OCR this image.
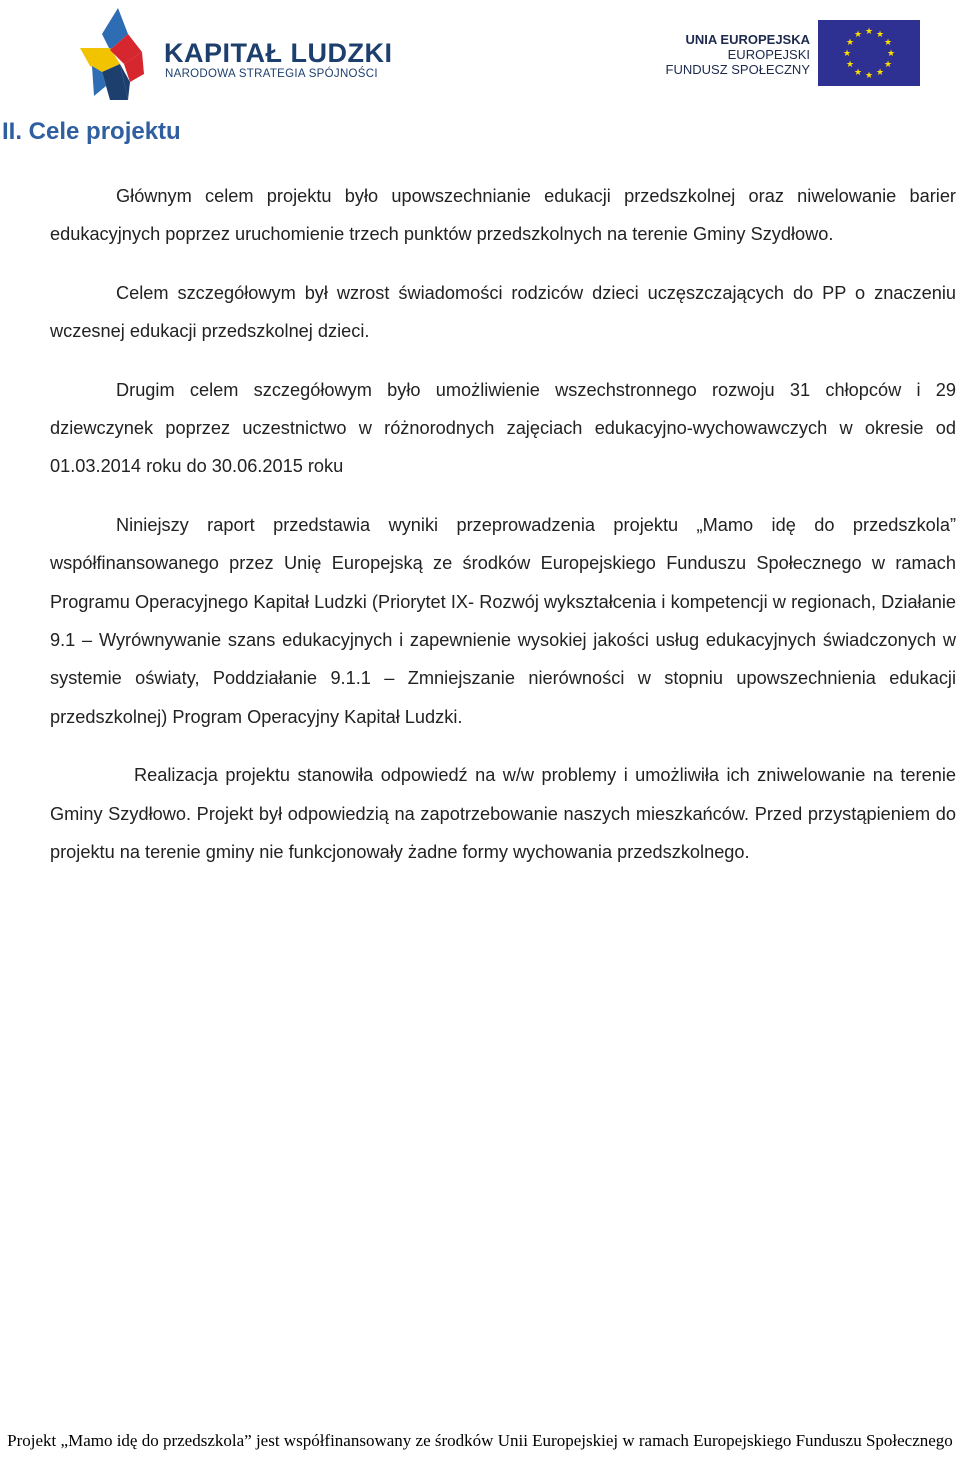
KAPITAŁ LUDZKI
NARODOWA STRATEGIA SPÓJNOŚCI
UNIA EUROPEJSKA
EUROPEJSKI
FUNDUSZ SPOŁECZNY
★ ★
★
★
★
★
★
★
★
★
★
★
II. Cele projektu

Głównym celem projektu było upowszechnianie edukacji przedszkolnej oraz niwelowanie barier edukacyjnych poprzez uruchomienie trzech punktów przedszkolnych na terenie Gminy Szydłowo.

Celem szczegółowym był wzrost świadomości rodziców dzieci uczęszczających do PP o znaczeniu wczesnej edukacji przedszkolnej dzieci.

Drugim celem szczegółowym było umożliwienie wszechstronnego rozwoju 31 chłopców i 29 dziewczynek poprzez uczestnictwo w różnorodnych zajęciach edukacyjno-wychowawczych w okresie od 01.03.2014 roku do 30.06.2015 roku

Niniejszy raport przedstawia wyniki przeprowadzenia projektu „Mamo idę do przedszkola” współfinansowanego przez Unię Europejską ze środków Europejskiego Funduszu Społecznego w ramach Programu Operacyjnego Kapitał Ludzki (Priorytet IX- Rozwój wykształcenia i kompetencji w regionach, Działanie 9.1 – Wyrównywanie szans edukacyjnych i zapewnienie wysokiej jakości usług edukacyjnych świadczonych w systemie oświaty, Poddziałanie 9.1.1 – Zmniejszanie nierówności w stopniu upowszechnienia edukacji przedszkolnej) Program Operacyjny Kapitał Ludzki.

Realizacja projektu stanowiła odpowiedź na w/w problemy i umożliwiła ich zniwelowanie na terenie Gminy Szydłowo. Projekt był odpowiedzią na zapotrzebowanie naszych mieszkańców. Przed przystąpieniem do projektu na terenie gminy nie funkcjonowały żadne formy wychowania przedszkolnego.

Projekt „Mamo idę do przedszkola” jest współfinansowany ze środków Unii Europejskiej w ramach Europejskiego Funduszu Społecznego
